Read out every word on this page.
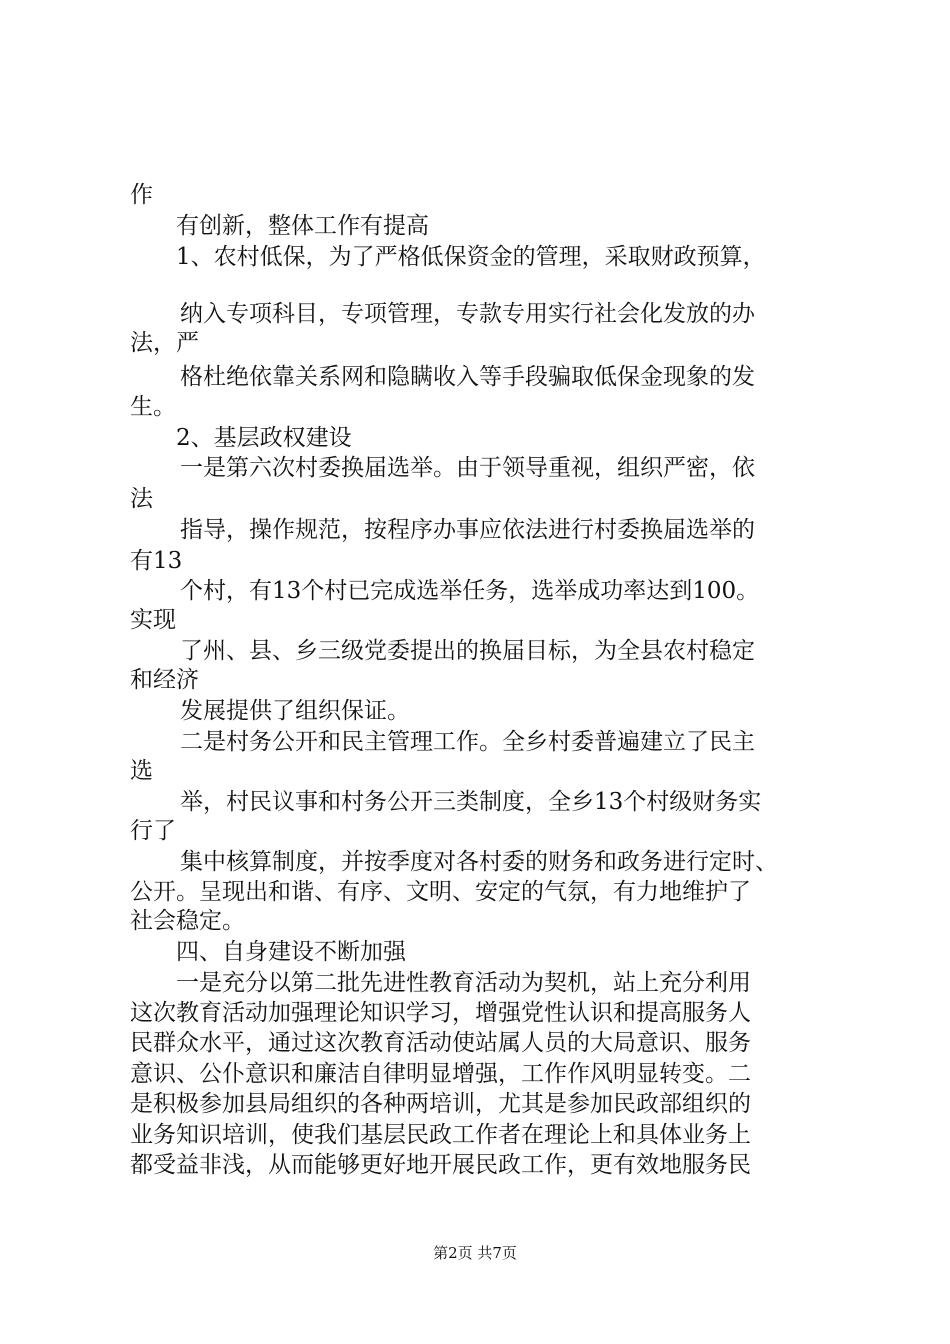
作
有创新，整体工作有提高
1、农村低保，为了严格低保资金的管理，采取财政预算，
纳入专项科目，专项管理，专款专用实行社会化发放的办
法，严
格杜绝依靠关系网和隐瞒收入等手段骗取低保金现象的发
生。
2、基层政权建设
一是第六次村委换届选举。由于领导重视，组织严密，依
法
指导，操作规范，按程序办事应依法进行村委换届选举的
有13
个村，有13个村已完成选举任务，选举成功率达到100。
实现
了州、县、乡三级党委提出的换届目标，为全县农村稳定
和经济
发展提供了组织保证。
二是村务公开和民主管理工作。全乡村委普遍建立了民主
选
举，村民议事和村务公开三类制度，全乡13个村级财务实
行了
集中核算制度，并按季度对各村委的财务和政务进行定时、
公开。呈现出和谐、有序、文明、安定的气氛，有力地维护了
社会稳定。
四、自身建设不断加强
一是充分以第二批先进性教育活动为契机，站上充分利用
这次教育活动加强理论知识学习，增强党性认识和提高服务人
民群众水平，通过这次教育活动使站属人员的大局意识、服务
意识、公仆意识和廉洁自律明显增强，工作作风明显转变。二
是积极参加县局组织的各种两培训，尤其是参加民政部组织的
业务知识培训，使我们基层民政工作者在理论上和具体业务上
都受益非浅，从而能够更好地开展民政工作，更有效地服务民
第2页 共7页
